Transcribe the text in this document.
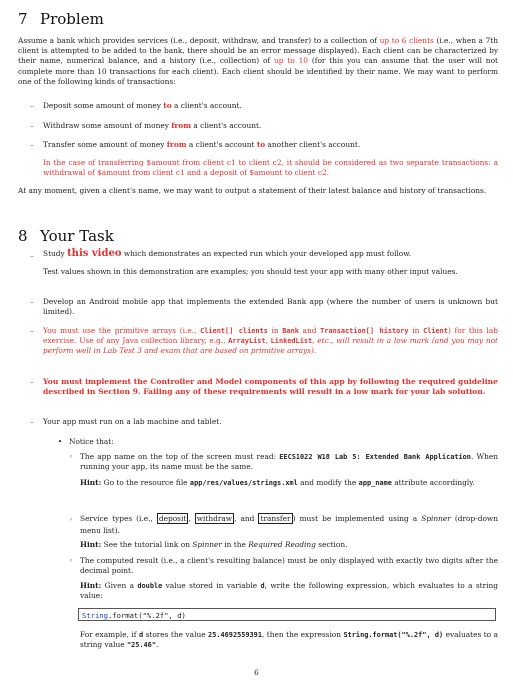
7 Problem

Assume a bank which provides services (i.e., deposit, withdraw, and transfer) to a collection of up to 6 clients (i.e., when a 7th client is attempted to be added to the bank, there should be an error message displayed). Each client can be characterized by their name, numerical balance, and a history (i.e., collection) of up to 10 (for this you can assume that the user will not complete more than 10 transactions for each client). Each client should be identified by their name. We may want to perform one of the following kinds of transactions:

–	Deposit some amount of money to a client's account.
–	Withdraw some amount of money from a client's account.
–	Transfer some amount of money from a client's account to another client's account.
In the case of transferring $amount from client c1 to client c2, it should be considered as two separate transactions: a withdrawal of $amount from client c1 and a deposit of $amount to client c2.

At any moment, given a client's name, we may want to output a statement of their latest balance and history of transactions.

8 Your Task
–	Study this video which demonstrates an expected run which your developed app must follow.
Test values shown in this demonstration are examples; you should test your app with many other input values.
–	Develop an Android mobile app that implements the extended Bank app (where the number of users is unknown but limited).
–	You must use the primitive arrays (i.e., Client[] clients in Bank and Transaction[] history in Client) for this lab exercise. Use of any Java collection library, e.g., ArrayList, LinkedList, etc., will result in a low mark (and you may not perform well in Lab Test 3 and exam that are based on primitive arrays).
–	You must implement the Controller and Model components of this app by following the required guideline described in Section 9. Failing any of these requirements will result in a low mark for your lab solution.
–	Your app must run on a lab machine and tablet.
• Notice that:
◦ The app name on the top of the screen must read: EECS1022 W18 Lab 5: Extended Bank Application. When running your app, its name must be the same.
Hint: Go to the resource file app/res/values/strings.xml and modify the app_name attribute accordingly.
◦ Service types (i.e., deposit , withdraw , and transfer ) must be implemented using a Spinner (drop-down menu list).
Hint: See the tutorial link on Spinner in the Required Reading section.
◦ The computed result (i.e., a client's resulting balance) must be only displayed with exactly two digits after the decimal point.
Hint: Given a double value stored in variable d, write the following expression, which evaluates to a string value:
String.format("%.2f", d)
For example, if d stores the value 25.4692559391, then the expression String.format("%.2f", d) evaluates to a string value "25.46".
6
